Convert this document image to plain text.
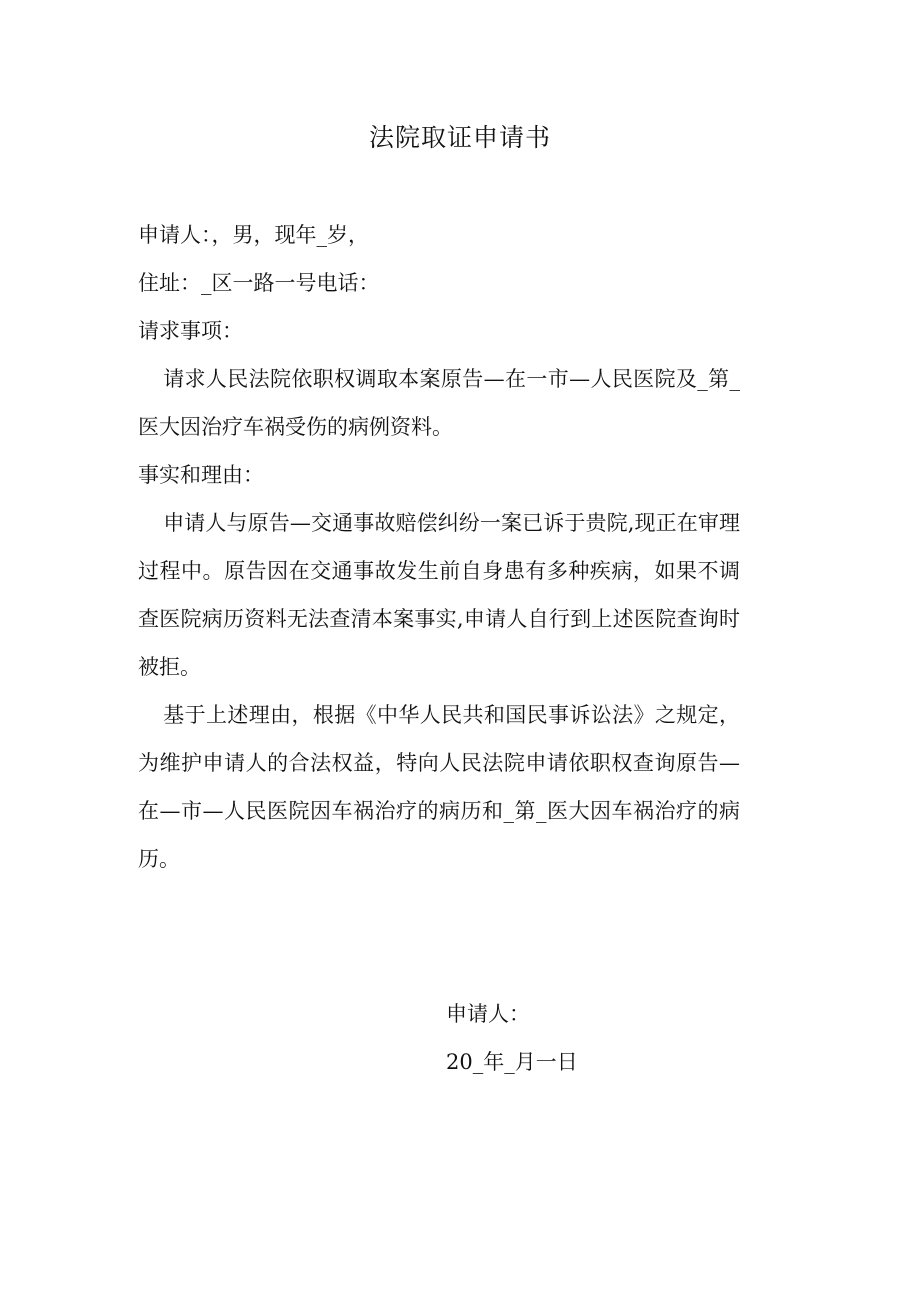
法院取证申请书

申请人：，男，现年_岁，

住址：_区一路一号电话：

请求事项：

请求人民法院依职权调取本案原告—在一市—人民医院及_第_医大因治疗车祸受伤的病例资料。

事实和理由：

申请人与原告—交通事故赔偿纠纷一案已诉于贵院,现正在审理过程中。原告因在交通事故发生前自身患有多种疾病，如果不调查医院病历资料无法查清本案事实,申请人自行到上述医院查询时被拒。

基于上述理由，根据《中华人民共和国民事诉讼法》之规定，为维护申请人的合法权益，特向人民法院申请依职权查询原告—在—市—人民医院因车祸治疗的病历和_第_医大因车祸治疗的病历。

申请人：

20_年_月一日
